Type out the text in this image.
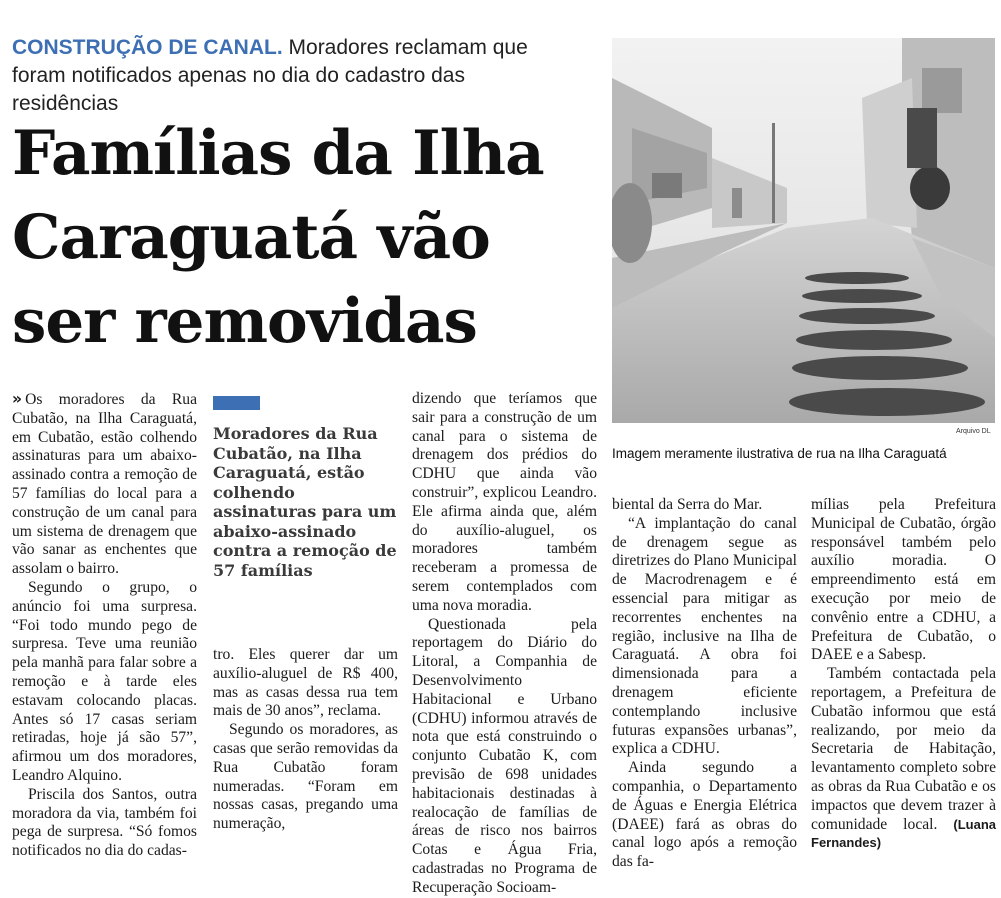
CONSTRUÇÃO DE CANAL. Moradores reclamam que foram notificados apenas no dia do cadastro das residências
Famílias da Ilha Caraguatá vão ser removidas
Arquivo DL
Imagem meramente ilustrativa de rua na Ilha Caraguatá

» Os moradores da Rua Cubatão, na Ilha Caraguatá, em Cubatão, estão colhendo assinaturas para um abaixo-assinado contra a remoção de 57 famílias do local para a construção de um canal para um sistema de drenagem que vão sanar as enchentes que assolam o bairro.

Segundo o grupo, o anúncio foi uma surpresa. “Foi todo mundo pego de surpresa. Teve uma reunião pela manhã para falar sobre a remoção e à tarde eles estavam colocando placas. Antes só 17 casas seriam retiradas, hoje já são 57”, afirmou um dos moradores, Leandro Alquino.

Priscila dos Santos, outra moradora da via, também foi pega de surpresa. “Só fomos notificados no dia do cadas-

Moradores da Rua Cubatão, na Ilha Caraguatá, estão colhendo assinaturas para um abaixo-assinado contra a remoção de 57 famílias

tro. Eles querer dar um auxílio-aluguel de R$ 400, mas as casas dessa rua tem mais de 30 anos”, reclama.

Segundo os moradores, as casas que serão removidas da Rua Cubatão foram numeradas. “Foram em nossas casas, pregando uma numeração,

dizendo que teríamos que sair para a construção de um canal para o sistema de drenagem dos prédios do CDHU que ainda vão construir”, explicou Leandro. Ele afirma ainda que, além do auxílio-aluguel, os moradores também receberam a promessa de serem contemplados com uma nova moradia.

Questionada pela reportagem do Diário do Litoral, a Companhia de Desenvolvimento Habitacional e Urbano (CDHU) informou através de nota que está construindo o conjunto Cubatão K, com previsão de 698 unidades habitacionais destinadas à realocação de famílias de áreas de risco nos bairros Cotas e Água Fria, cadastradas no Programa de Recuperação Socioam-

biental da Serra do Mar.

“A implantação do canal de drenagem segue as diretrizes do Plano Municipal de Macrodrenagem e é essencial para mitigar as recorrentes enchentes na região, inclusive na Ilha de Caraguatá. A obra foi dimensionada para a drenagem eficiente contemplando inclusive futuras expansões urbanas”, explica a CDHU.

Ainda segundo a companhia, o Departamento de Águas e Energia Elétrica (DAEE) fará as obras do canal logo após a remoção das fa-

mílias pela Prefeitura Municipal de Cubatão, órgão responsável também pelo auxílio moradia. O empreendimento está em execução por meio de convênio entre a CDHU, a Prefeitura de Cubatão, o DAEE e a Sabesp.

Também contactada pela reportagem, a Prefeitura de Cubatão informou que está realizando, por meio da Secretaria de Habitação, levantamento completo sobre as obras da Rua Cubatão e os impactos que devem trazer à comunidade local. (Luana Fernandes)
